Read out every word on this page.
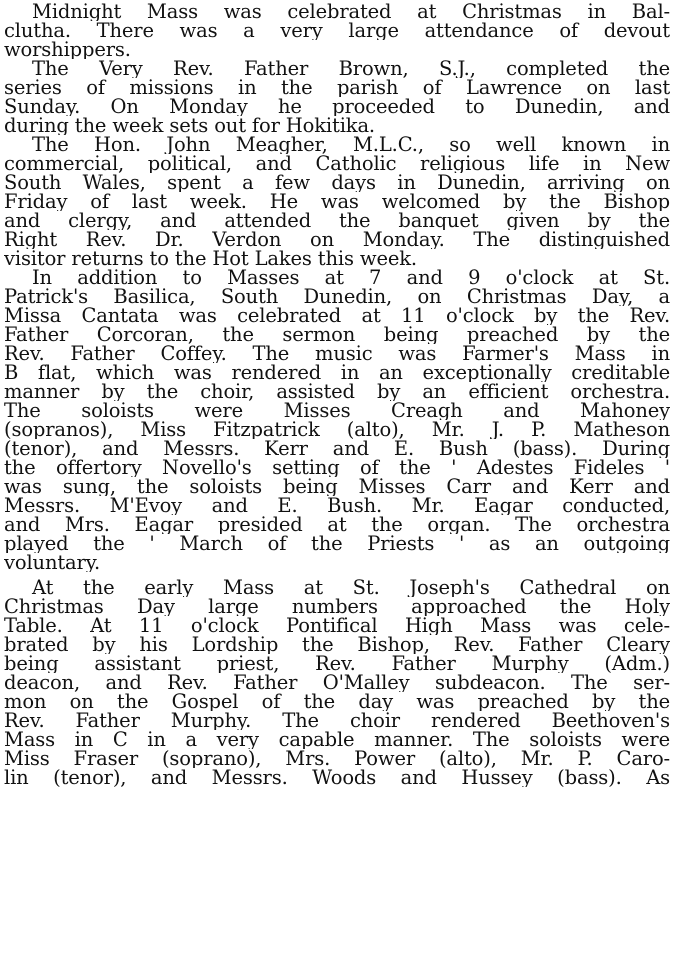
Midnight Mass was celebrated at Christmas in Bal-
clutha. There was a very large attendance of devout
worshippers.
The Very Rev. Father Brown, S.J., completed the
series of missions in the parish of Lawrence on last
Sunday. On Monday he proceeded to Dunedin, and
during the week sets out for Hokitika.
The Hon. John Meagher, M.L.C., so well known in
commercial, political, and Catholic religious life in New
South Wales, spent a few days in Dunedin, arriving on
Friday of last week. He was welcomed by the Bishop
and clergy, and attended the banquet given by the
Right Rev. Dr. Verdon on Monday. The distinguished
visitor returns to the Hot Lakes this week.
In addition to Masses at 7 and 9 o'clock at St.
Patrick's Basilica, South Dunedin, on Christmas Day, a
Missa Cantata was celebrated at 11 o'clock by the Rev.
Father Corcoran, the sermon being preached by the
Rev. Father Coffey. The music was Farmer's Mass in
B flat, which was rendered in an exceptionally creditable
manner by the choir, assisted by an efficient orchestra.
The soloists were Misses Creagh and Mahoney
(sopranos), Miss Fitzpatrick (alto), Mr. J. P. Matheson
(tenor), and Messrs. Kerr and E. Bush (bass). During
the offertory Novello's setting of the ' Adestes Fideles '
was sung, the soloists being Misses Carr and Kerr and
Messrs. M'Evoy and E. Bush. Mr. Eagar conducted,
and Mrs. Eagar presided at the organ. The orchestra
played the ' March of the Priests ' as an outgoing
voluntary.
At the early Mass at St. Joseph's Cathedral on
Christmas Day large numbers approached the Holy
Table. At 11 o'clock Pontifical High Mass was cele-
brated by his Lordship the Bishop, Rev. Father Cleary
being assistant priest, Rev. Father Murphy (Adm.)
deacon, and Rev. Father O'Malley subdeacon. The ser-
mon on the Gospel of the day was preached by the
Rev. Father Murphy. The choir rendered Beethoven's
Mass in C in a very capable manner. The soloists were
Miss Fraser (soprano), Mrs. Power (alto), Mr. P. Caro-
lin (tenor), and Messrs. Woods and Hussey (bass). As
